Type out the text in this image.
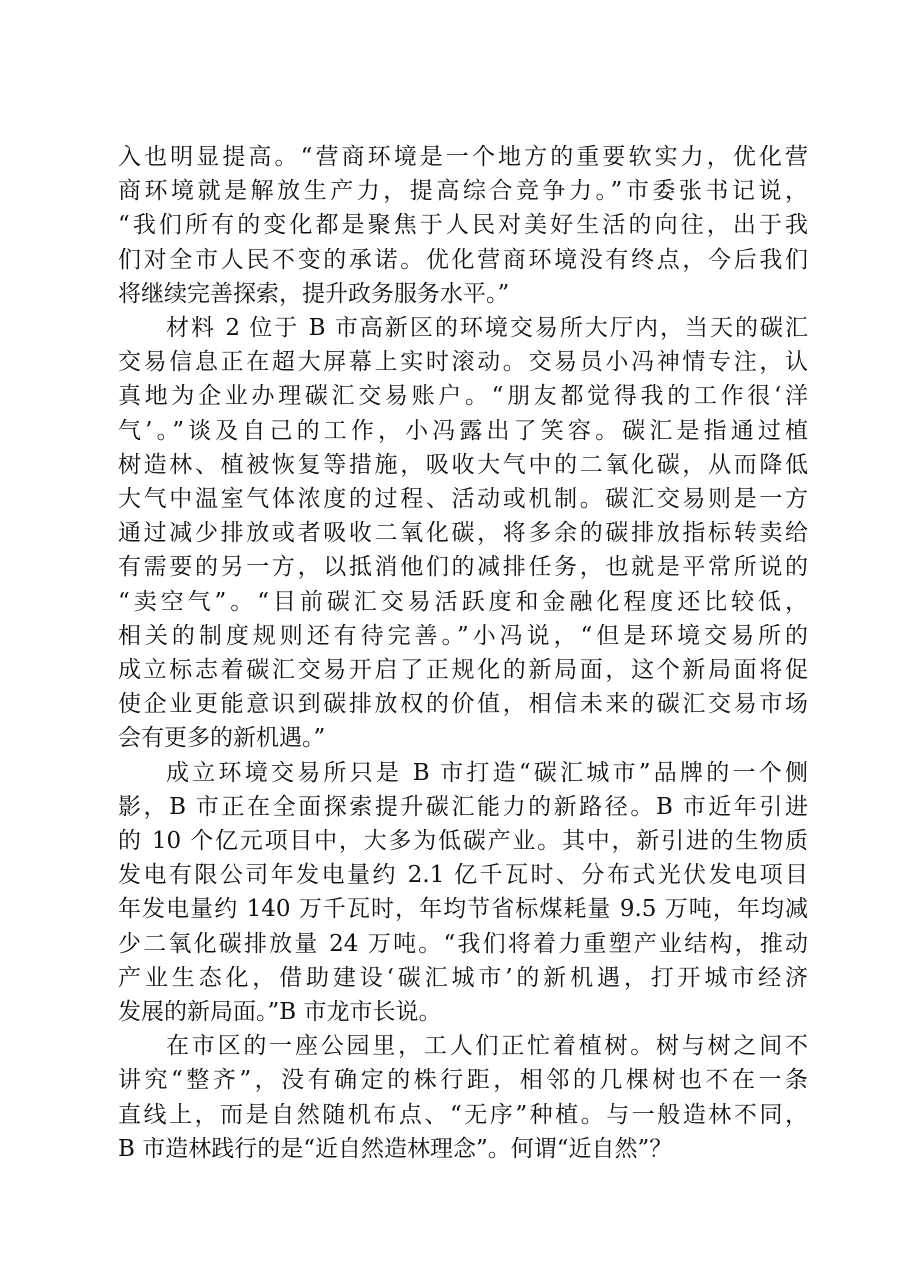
入也明显提高。“营商环境是一个地方的重要软实力，优化营
商环境就是解放生产力，提高综合竞争力。”市委张书记说，
“我们所有的变化都是聚焦于人民对美好生活的向往，出于我
们对全市人民不变的承诺。优化营商环境没有终点，今后我们
将继续完善探索，提升政务服务水平。”
材料 2 位于 B 市高新区的环境交易所大厅内，当天的碳汇
交易信息正在超大屏幕上实时滚动。交易员小冯神情专注，认
真地为企业办理碳汇交易账户。“朋友都觉得我的工作很‘洋
气’。”谈及自己的工作，小冯露出了笑容。碳汇是指通过植
树造林、植被恢复等措施，吸收大气中的二氧化碳，从而降低
大气中温室气体浓度的过程、活动或机制。碳汇交易则是一方
通过减少排放或者吸收二氧化碳，将多余的碳排放指标转卖给
有需要的另一方，以抵消他们的减排任务，也就是平常所说的
“卖空气”。“目前碳汇交易活跃度和金融化程度还比较低，
相关的制度规则还有待完善。”小冯说，“但是环境交易所的
成立标志着碳汇交易开启了正规化的新局面，这个新局面将促
使企业更能意识到碳排放权的价值，相信未来的碳汇交易市场
会有更多的新机遇。”
成立环境交易所只是 B 市打造“碳汇城市”品牌的一个侧
影，B 市正在全面探索提升碳汇能力的新路径。B 市近年引进
的 10 个亿元项目中，大多为低碳产业。其中，新引进的生物质
发电有限公司年发电量约 2.1 亿千瓦时、分布式光伏发电项目
年发电量约 140 万千瓦时，年均节省标煤耗量 9.5 万吨，年均减
少二氧化碳排放量 24 万吨。“我们将着力重塑产业结构，推动
产业生态化，借助建设‘碳汇城市’的新机遇，打开城市经济
发展的新局面。”B 市龙市长说。
在市区的一座公园里，工人们正忙着植树。树与树之间不
讲究“整齐”，没有确定的株行距，相邻的几棵树也不在一条
直线上，而是自然随机布点、“无序”种植。与一般造林不同，
B 市造林践行的是“近自然造林理念”。何谓“近自然”？
